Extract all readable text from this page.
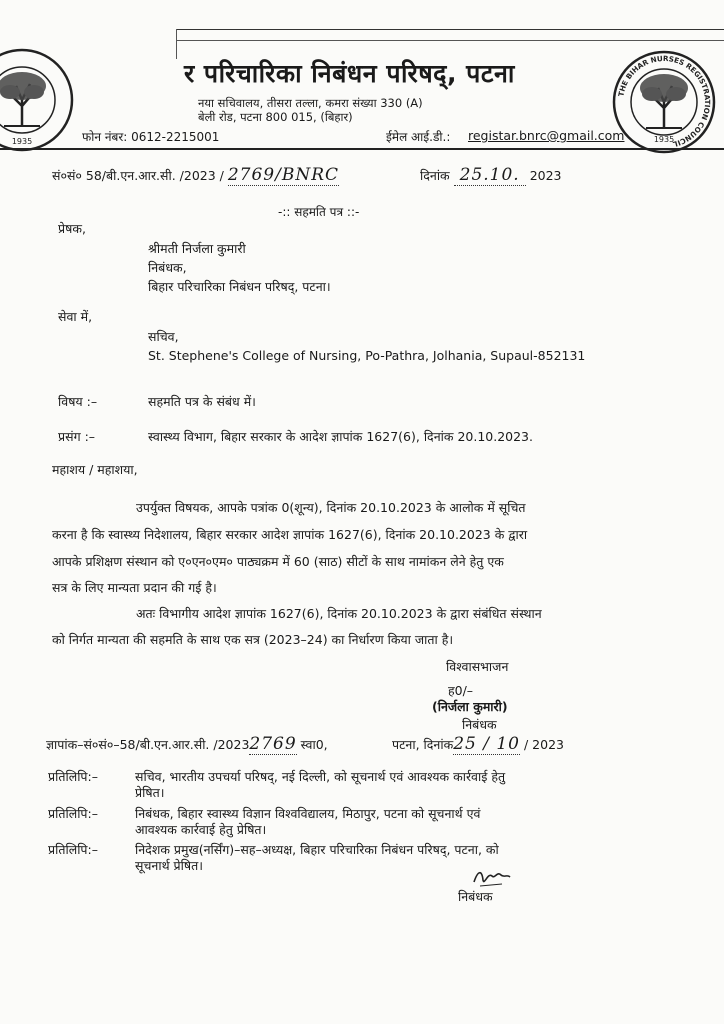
1935
THE BIHAR NURSES REGISTRATION COUNCIL
1935
र परिचारिका निबंधन परिषद्, पटना
नया सचिवालय, तीसरा तल्ला, कमरा संख्या 330 (A)
बेली रोड, पटना 800 015, (बिहार)
फोन नंबर: 0612-2215001	ईमेल आई.डी.: registar.bnrc@gmail.com
सं०सं० 58/बी.एन.आर.सी. /2023 / 2769/BNRC	दिनांक 25.10. 2023
-:: सहमति पत्र ::-
प्रेषक,
श्रीमती निर्जला कुमारी
निबंधक,
बिहार परिचारिका निबंधन परिषद्, पटना।
सेवा में,
सचिव,
St. Stephene's College of Nursing, Po-Pathra, Jolhania, Supaul-852131
विषय :–	सहमति पत्र के संबंध में।
प्रसंग :–	स्वास्थ्य विभाग, बिहार सरकार के आदेश ज्ञापांक 1627(6), दिनांक 20.10.2023.
महाशय / महाशया,
उपर्युक्त विषयक, आपके पत्रांक 0(शून्य), दिनांक 20.10.2023 के आलोक में सूचित
करना है कि स्वास्थ्य निदेशालय, बिहार सरकार आदेश ज्ञापांक 1627(6), दिनांक 20.10.2023 के द्वारा
आपके प्रशिक्षण संस्थान को ए०एन०एम० पाठ्यक्रम में 60 (साठ) सीटों के साथ नामांकन लेने हेतु एक
सत्र के लिए मान्यता प्रदान की गई है।
अतः विभागीय आदेश ज्ञापांक 1627(6), दिनांक 20.10.2023 के द्वारा संबंधित संस्थान
को निर्गत मान्यता की सहमति के साथ एक सत्र (2023–24) का निर्धारण किया जाता है।
विश्वासभाजन
ह0/–
(निर्जला कुमारी)
निबंधक
ज्ञापांक–सं०सं०–58/बी.एन.आर.सी. /20232769 स्वा0,	पटना, दिनांक25 / 10 / 2023
प्रतिलिपि:–	सचिव, भारतीय उपचर्या परिषद्, नई दिल्ली, को सूचनार्थ एवं आवश्यक कार्रवाई हेतु
प्रेषित।
प्रतिलिपि:–	निबंधक, बिहार स्वास्थ्य विज्ञान विश्वविद्यालय, मिठापुर, पटना को सूचनार्थ एवं
आवश्यक कार्रवाई हेतु प्रेषित।
प्रतिलिपि:–	निदेशक प्रमुख(नर्सिंग)–सह–अध्यक्ष, बिहार परिचारिका निबंधन परिषद्, पटना, को
सूचनार्थ प्रेषित।
निबंधक
